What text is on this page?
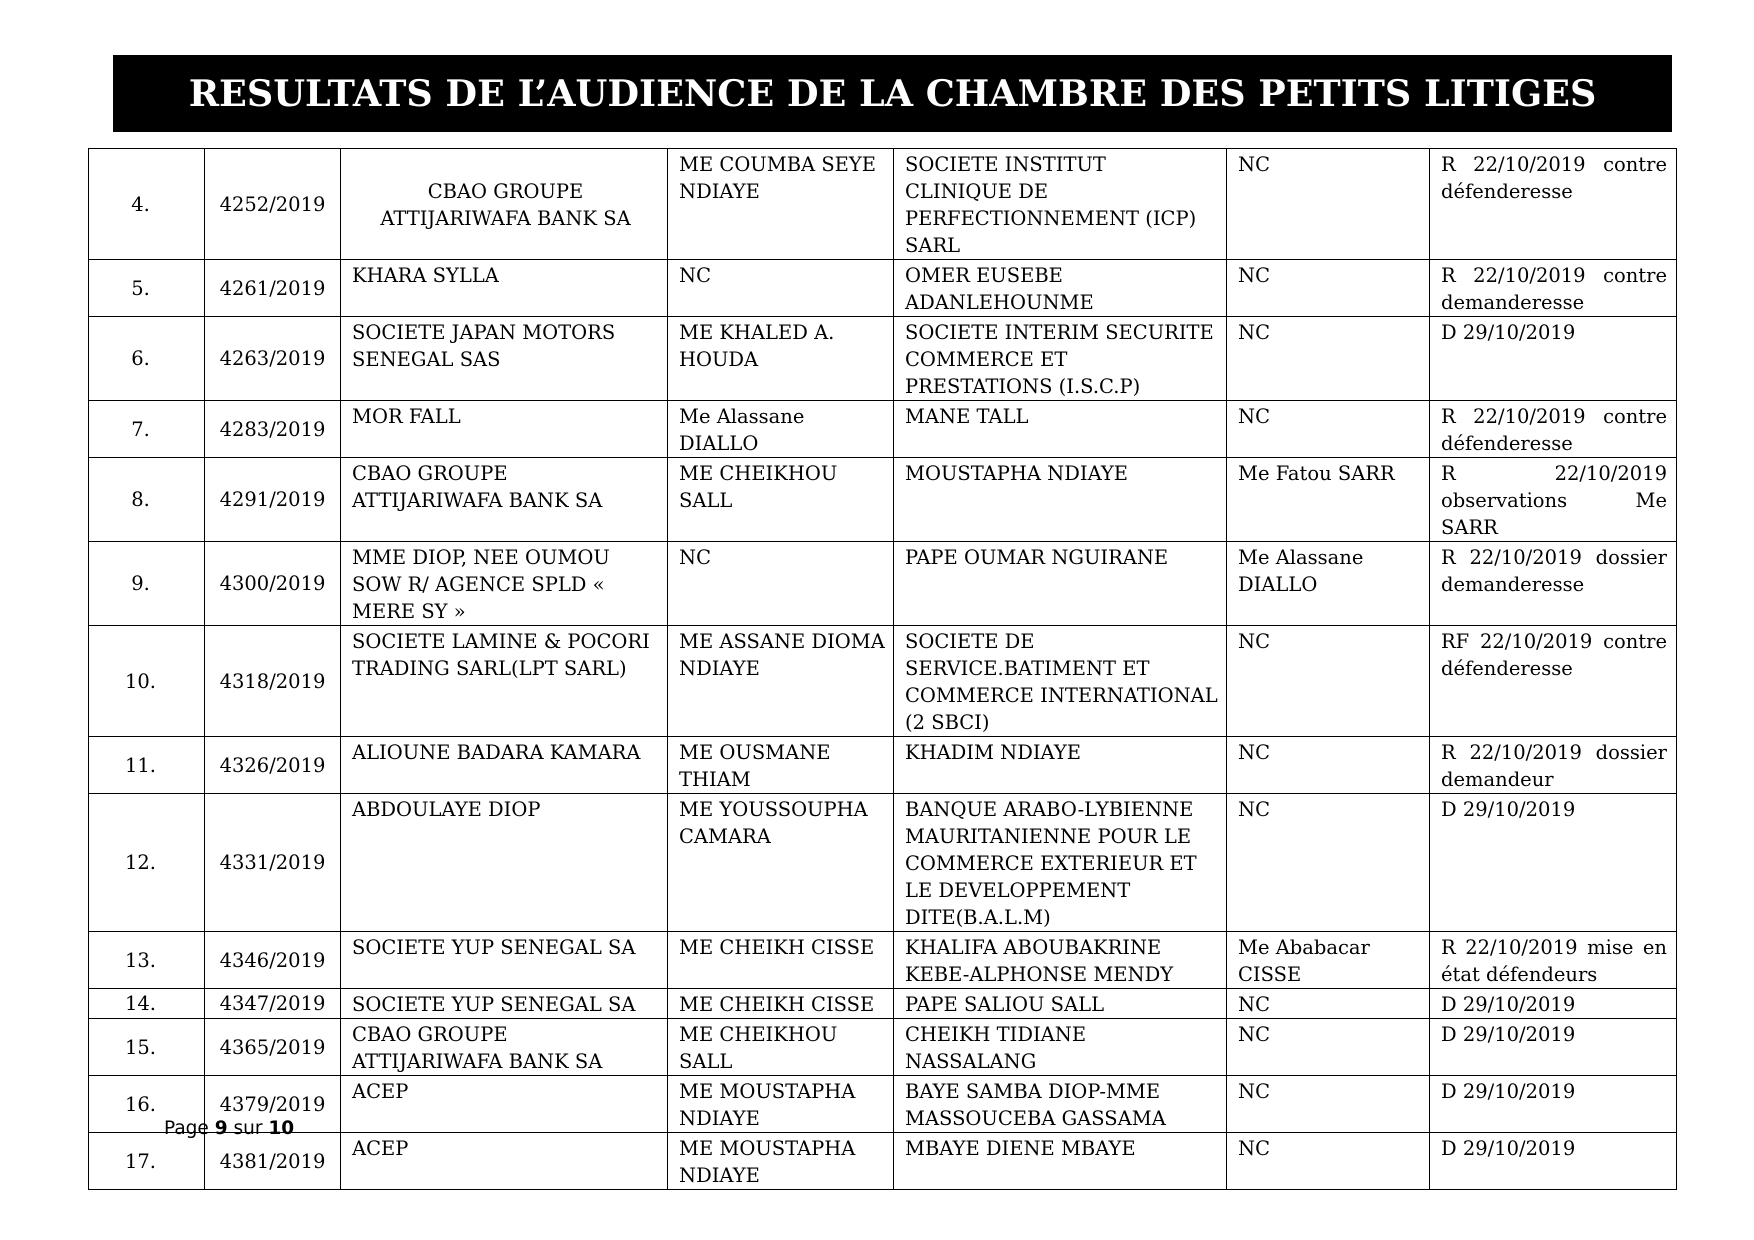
RESULTATS DE L’AUDIENCE DE LA CHAMBRE DES PETITS LITIGES
4.	4252/2019	CBAO GROUPE ATTIJARIWAFA BANK SA	ME COUMBA SEYE NDIAYE	SOCIETE INSTITUT CLINIQUE DE PERFECTIONNEMENT (ICP) SARL	NC	R 22/10/2019 contre défenderesse
5.	4261/2019	KHARA SYLLA	NC	OMER EUSEBE ADANLEHOUNME	NC	R 22/10/2019 contre demanderesse
6.	4263/2019	SOCIETE JAPAN MOTORS SENEGAL SAS	ME KHALED A. HOUDA	SOCIETE INTERIM SECURITE COMMERCE ET PRESTATIONS (I.S.C.P)	NC	D 29/10/2019
7.	4283/2019	MOR FALL	Me Alassane DIALLO	MANE TALL	NC	R 22/10/2019 contre défenderesse
8.	4291/2019	CBAO GROUPE ATTIJARIWAFA BANK SA	ME CHEIKHOU SALL	MOUSTAPHA NDIAYE	Me Fatou SARR	R 22/10/2019 observations Me SARR
9.	4300/2019	MME DIOP, NEE OUMOU SOW R/ AGENCE SPLD « MERE SY »	NC	PAPE OUMAR NGUIRANE	Me Alassane DIALLO	R 22/10/2019 dossier demanderesse
10.	4318/2019	SOCIETE LAMINE & POCORI TRADING SARL(LPT SARL)	ME ASSANE DIOMA NDIAYE	SOCIETE DE SERVICE.BATIMENT ET COMMERCE INTERNATIONAL (2 SBCI)	NC	RF 22/10/2019 contre défenderesse
11.	4326/2019	ALIOUNE BADARA KAMARA	ME OUSMANE THIAM	KHADIM NDIAYE	NC	R 22/10/2019 dossier demandeur
12.	4331/2019	ABDOULAYE DIOP	ME YOUSSOUPHA CAMARA	BANQUE ARABO-LYBIENNE MAURITANIENNE POUR LE COMMERCE EXTERIEUR ET LE DEVELOPPEMENT DITE(B.A.L.M)	NC	D 29/10/2019
13.	4346/2019	SOCIETE YUP SENEGAL SA	ME CHEIKH CISSE	KHALIFA ABOUBAKRINE KEBE-ALPHONSE MENDY	Me Ababacar CISSE	R 22/10/2019 mise en état défendeurs
14.	4347/2019	SOCIETE YUP SENEGAL SA	ME CHEIKH CISSE	PAPE SALIOU SALL	NC	D 29/10/2019
15.	4365/2019	CBAO GROUPE ATTIJARIWAFA BANK SA	ME CHEIKHOU SALL	CHEIKH TIDIANE NASSALANG	NC	D 29/10/2019
16.	4379/2019	ACEP	ME MOUSTAPHA NDIAYE	BAYE SAMBA DIOP-MME MASSOUCEBA GASSAMA	NC	D 29/10/2019
17.	4381/2019	ACEP	ME MOUSTAPHA NDIAYE	MBAYE DIENE MBAYE	NC	D 29/10/2019
Page 9 sur 10
